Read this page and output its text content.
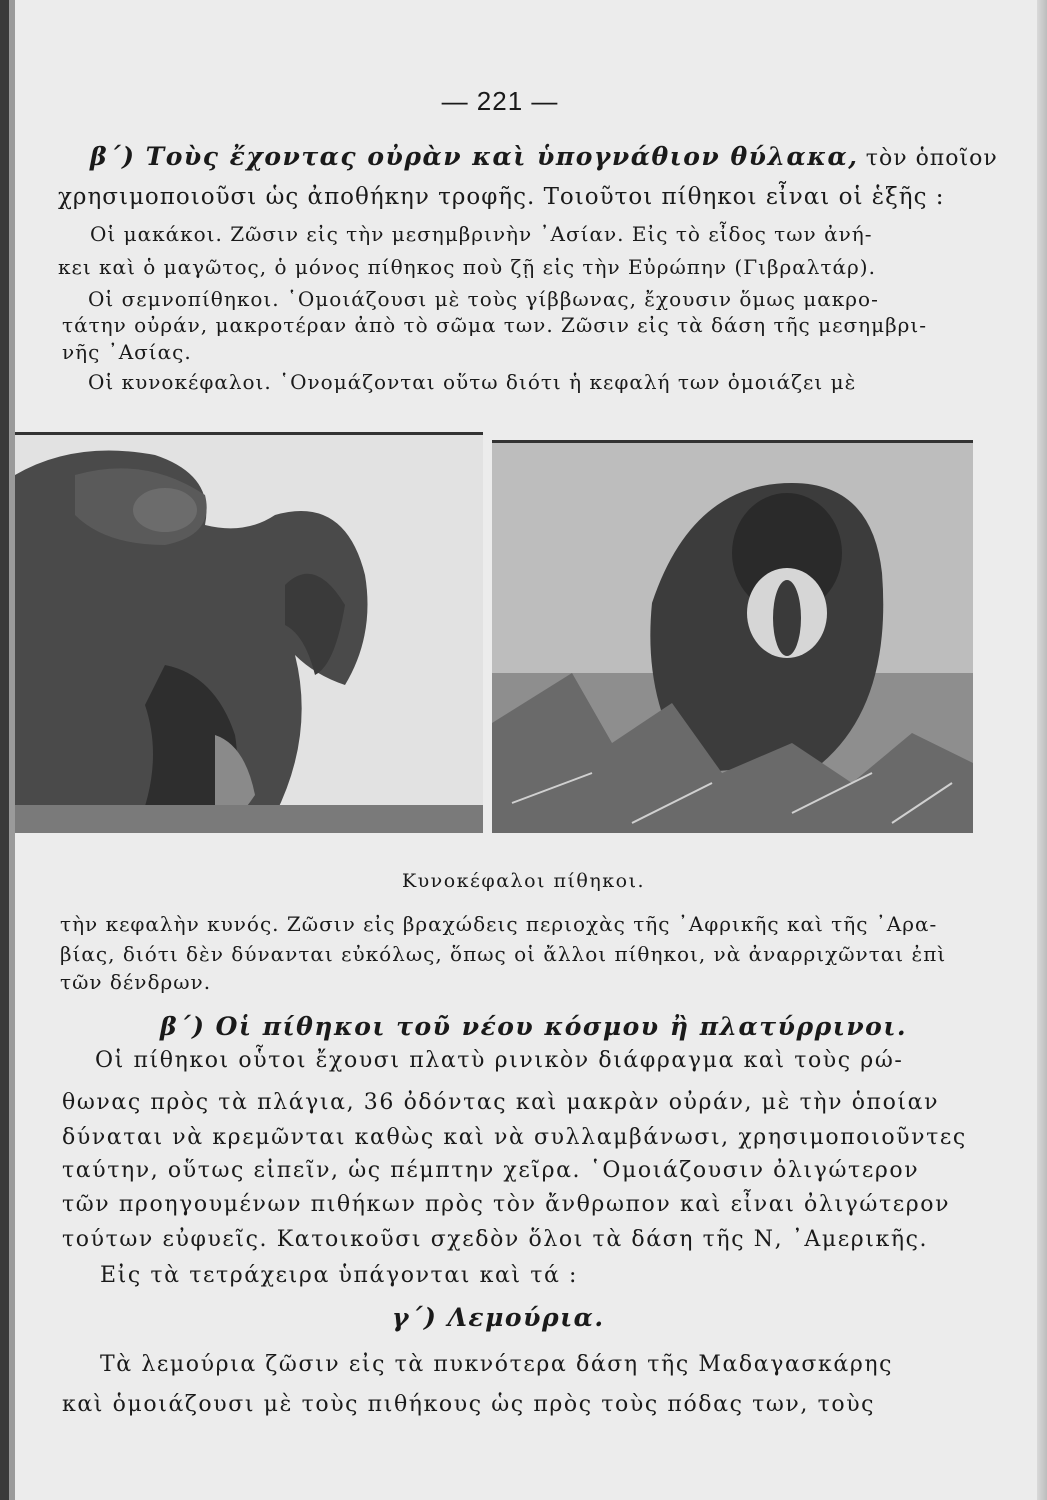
— 221 —
β΄) Τοὺς ἔχοντας οὐρὰν καὶ ὑπογνάθιον θύλακα, τὸν ὁποῖον
χρησιμοποιοῦσι ὡς ἀποθήκην τροφῆς. Τοιοῦτοι πίθηκοι εἶναι οἱ ἑξῆς :
Οἱ μακάκοι. Ζῶσιν εἰς τὴν μεσημβρινὴν ᾿Ασίαν. Εἰς τὸ εἶδος των ἀνή-
κει καὶ ὁ μαγῶτος, ὁ μόνος πίθηκος ποὺ ζῇ εἰς τὴν Εὐρώπην (Γιβραλτάρ).
Οἱ σεμνοπίθηκοι. ῾Ομοιάζουσι μὲ τοὺς γίββωνας, ἔχουσιν ὅμως μακρο-
τάτην οὐράν, μακροτέραν ἀπὸ τὸ σῶμα των. Ζῶσιν εἰς τὰ δάση τῆς μεσημβρι-
νῆς ᾿Ασίας.
Οἱ κυνοκέφαλοι. ῾Ονομάζονται οὕτω διότι ἡ κεφαλή των ὁμοιάζει μὲ
Κυνοκέφαλοι πίθηκοι.
τὴν κεφαλὴν κυνός. Ζῶσιν εἰς βραχώδεις περιοχὰς τῆς ᾿Αφρικῆς καὶ τῆς ᾿Αρα-
βίας, διότι δὲν δύνανται εὐκόλως, ὅπως οἱ ἄλλοι πίθηκοι, νὰ ἀναρριχῶνται ἐπὶ
τῶν δένδρων.
β΄) Οἱ πίθηκοι τοῦ νέου κόσμου ἢ πλατύρρινοι.
Οἱ πίθηκοι οὗτοι ἔχουσι πλατὺ ρινικὸν διάφραγμα καὶ τοὺς ρώ-
θωνας πρὸς τὰ πλάγια, 36 ὀδόντας καὶ μακρὰν οὐράν, μὲ τὴν ὁποίαν
δύναται νὰ κρεμῶνται καθὼς καὶ νὰ συλλαμβάνωσι, χρησιμοποιοῦντες
ταύτην, οὕτως εἰπεῖν, ὡς πέμπτην χεῖρα. ῾Ομοιάζουσιν ὀλιγώτερον
τῶν προηγουμένων πιθήκων πρὸς τὸν ἄνθρωπον καὶ εἶναι ὀλιγώτερον
τούτων εὐφυεῖς. Κατοικοῦσι σχεδὸν ὅλοι τὰ δάση τῆς Ν, ᾿Αμερικῆς.
Εἰς τὰ τετράχειρα ὑπάγονται καὶ τά :
γ΄) Λεμούρια.
Τὰ λεμούρια ζῶσιν εἰς τὰ πυκνότερα δάση τῆς Μαδαγασκάρης
καὶ ὁμοιάζουσι μὲ τοὺς πιθήκους ὡς πρὸς τοὺς πόδας των, τοὺς
